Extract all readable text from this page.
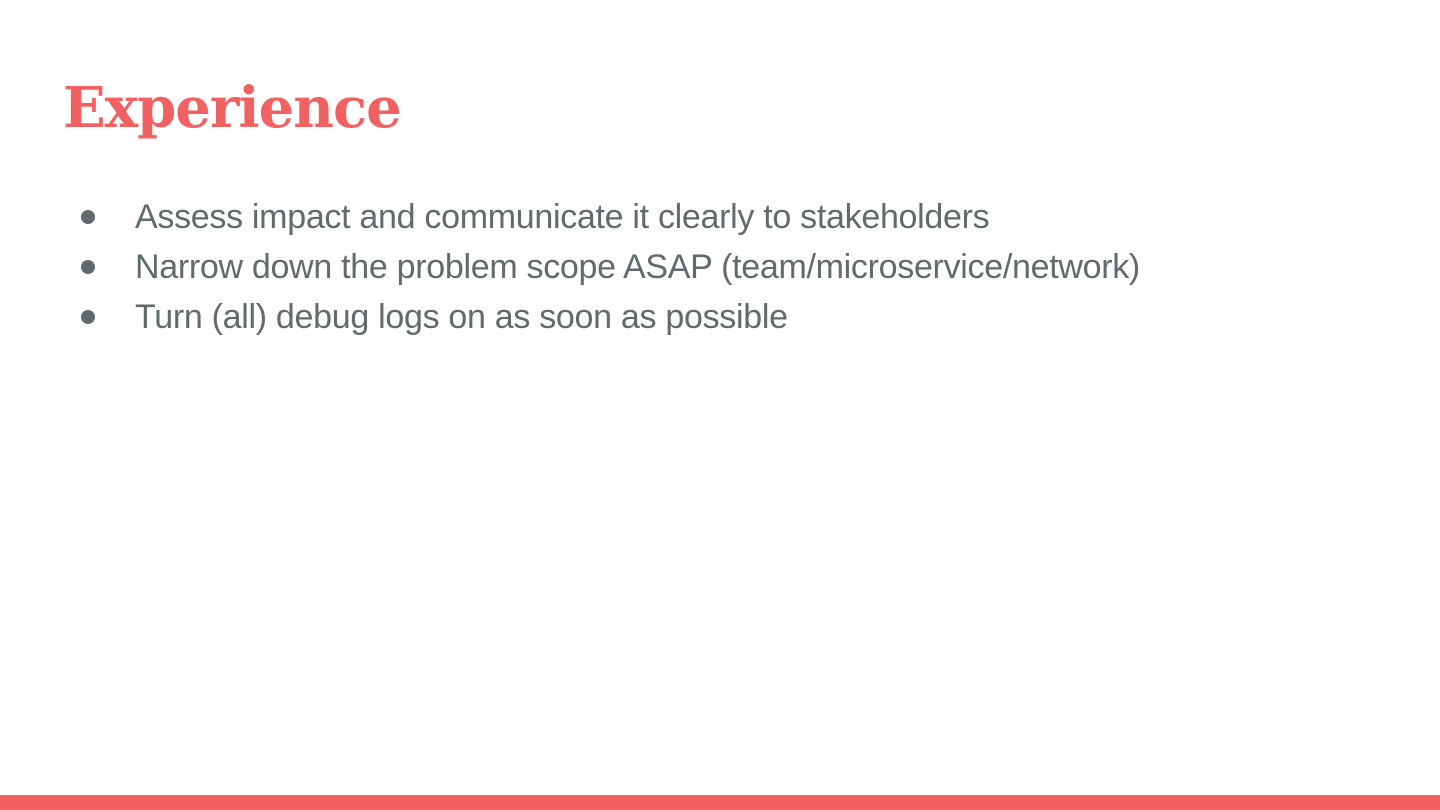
Experience
Assess impact and communicate it clearly to stakeholders
Narrow down the problem scope ASAP (team/microservice/network)
Turn (all) debug logs on as soon as possible
